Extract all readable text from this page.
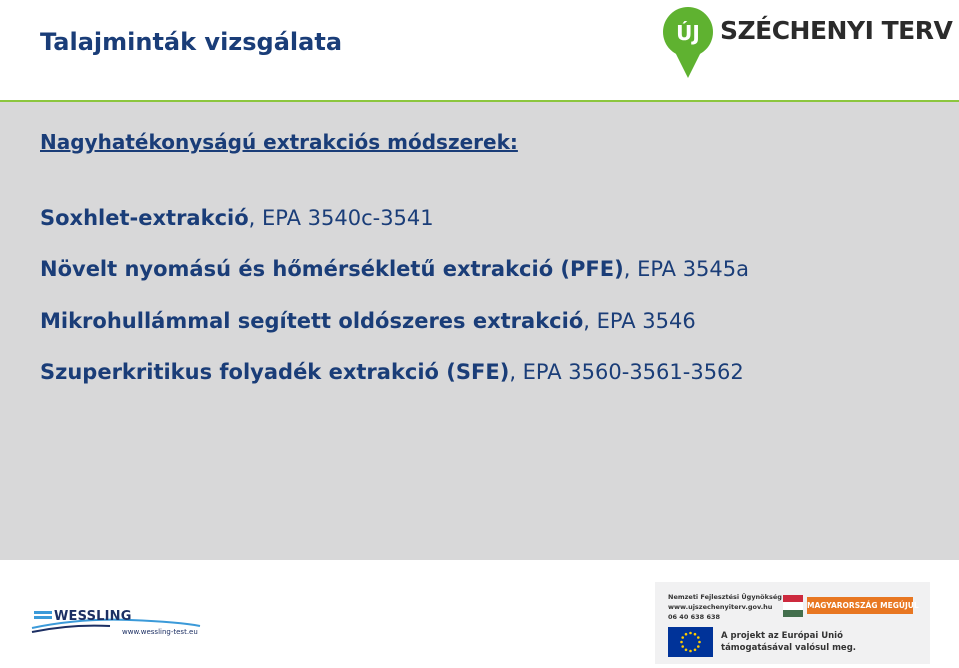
Talajminták vizsgálata	ÚJ SZÉCHENYI TERV
Nagyhatékonyságú extrakciós módszerek:
Soxhlet-extrakció, EPA 3540c-3541
Növelt nyomású és hőmérsékletű extrakció (PFE), EPA 3545a
Mikrohullámmal segített oldószeres extrakció, EPA 3546
Szuperkritikus folyadék extrakció (SFE), EPA 3560-3561-3562
WESSLING
www.wessling-test.eu
Nemzeti Fejlesztési Ügynökség
www.ujszechenyiterv.gov.hu
06 40 638 638
MAGYARORSZÁG MEGÚJUL
A projekt az Európai Unió
támogatásával valósul meg.
